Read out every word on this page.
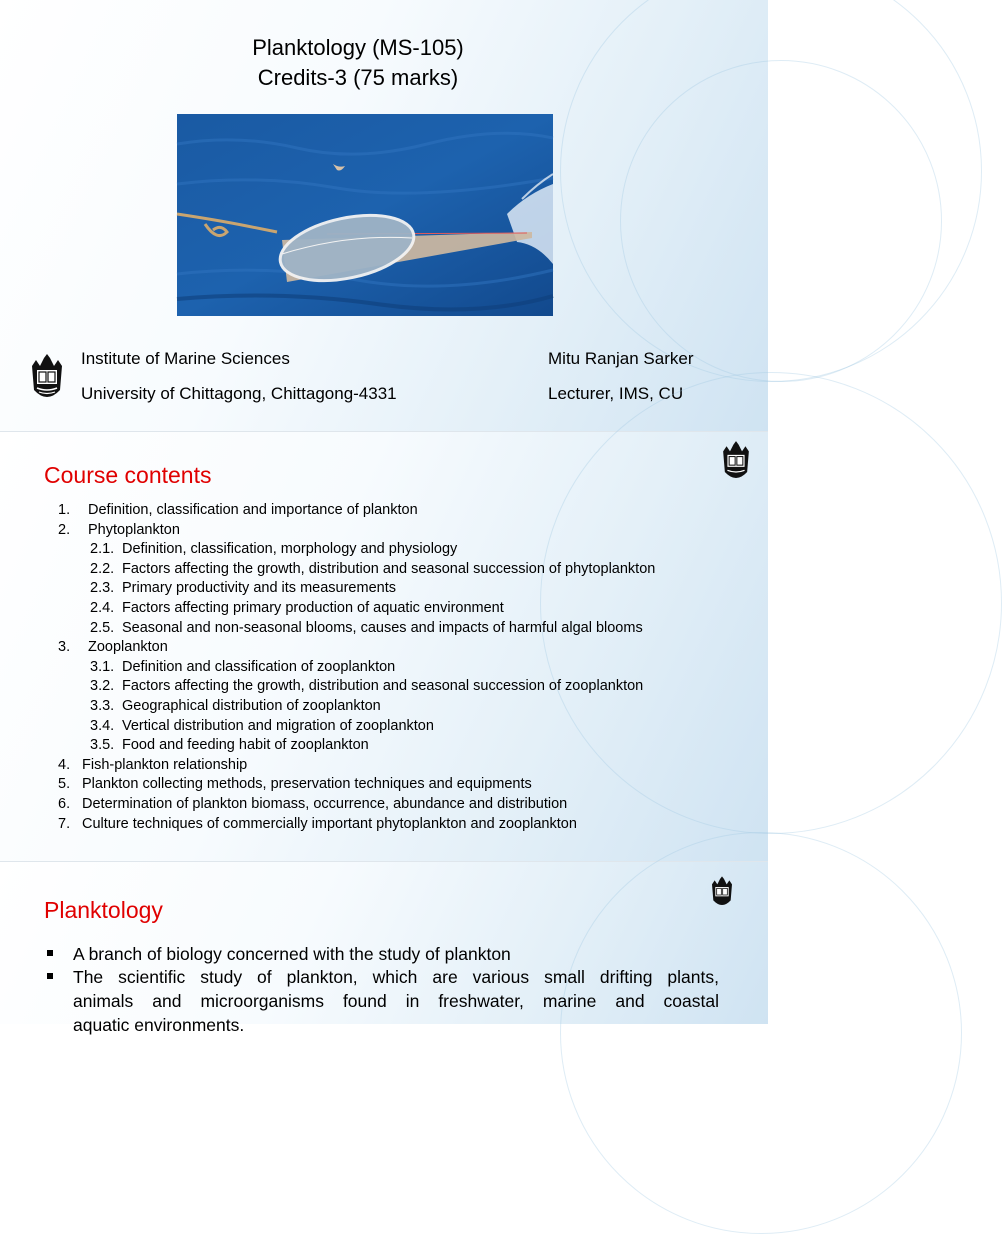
Planktology (MS-105)
Credits-3 (75 marks)
Institute of Marine Sciences
University of Chittagong, Chittagong-4331
Mitu Ranjan Sarker
Lecturer, IMS, CU
Course contents
1. Definition, classification and importance of plankton
2. Phytoplankton
2.1. Definition, classification, morphology and physiology
2.2. Factors affecting the growth, distribution and seasonal succession of phytoplankton
2.3. Primary productivity and its measurements
2.4. Factors affecting primary production of aquatic environment
2.5. Seasonal and non-seasonal blooms, causes and impacts of harmful algal blooms
3. Zooplankton
3.1. Definition and classification of zooplankton
3.2. Factors affecting the growth, distribution and seasonal succession of zooplankton
3.3. Geographical distribution of zooplankton
3.4. Vertical distribution and migration of zooplankton
3.5. Food and feeding habit of zooplankton
4. Fish-plankton relationship
5. Plankton collecting methods, preservation techniques and equipments
6. Determination of plankton biomass, occurrence, abundance and distribution
7. Culture techniques of commercially important phytoplankton and zooplankton
Planktology
A branch of biology concerned with the study of plankton
The scientific study of plankton, which are various small drifting plants,
animals and microorganisms found in freshwater, marine and coastal
aquatic environments.
